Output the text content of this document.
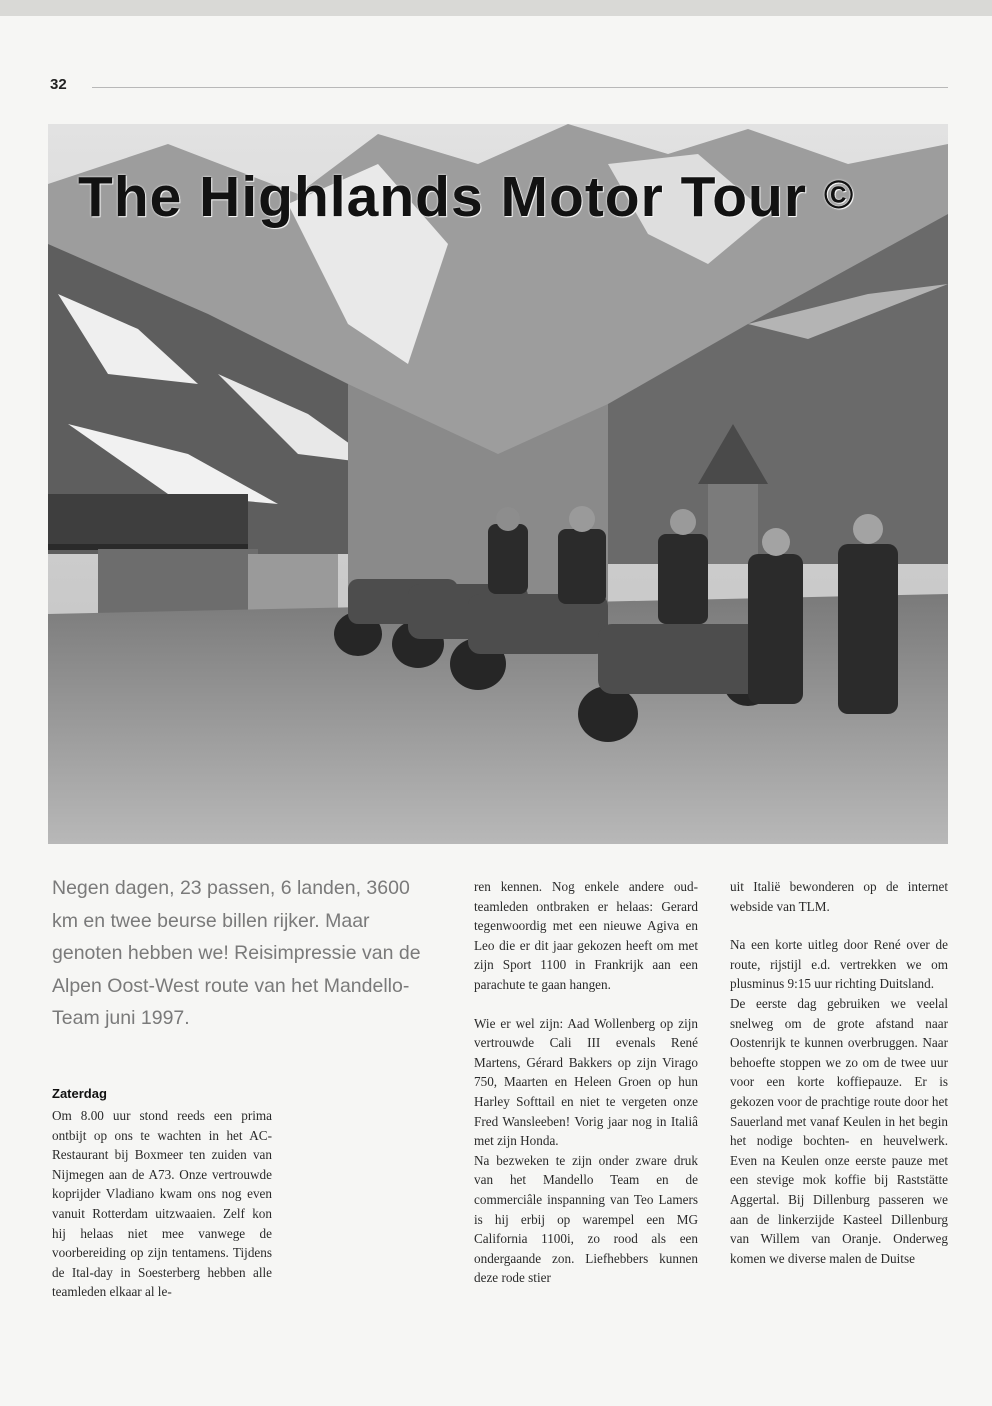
32
The Highlands Motor Tour ©

Negen dagen, 23 passen, 6 landen, 3600 km en twee beurse billen rijker. Maar genoten hebben we! Reisimpressie van de Alpen Oost-West route van het Mandello-Team juni 1997.

Zaterdag

Om 8.00 uur stond reeds een prima ontbijt op ons te wachten in het AC-Restaurant bij Boxmeer ten zuiden van Nijmegen aan de A73. Onze vertrouwde koprijder Vladiano kwam ons nog even vanuit Rotterdam uitzwaaien. Zelf kon hij helaas niet mee vanwege de voorbereiding op zijn tentamens. Tijdens de Ital-day in Soesterberg hebben alle teamleden elkaar al le-

ren kennen. Nog enkele andere oud-teamleden ontbraken er helaas: Gerard tegenwoordig met een nieuwe Agiva en Leo die er dit jaar gekozen heeft om met zijn Sport 1100 in Frankrijk aan een parachute te gaan hangen.

Wie er wel zijn: Aad Wollenberg op zijn vertrouwde Cali III evenals René Martens, Gérard Bakkers op zijn Virago 750, Maarten en Heleen Groen op hun Harley Softtail en niet te vergeten onze Fred Wansleeben! Vorig jaar nog in Italiâ met zijn Honda.

Na bezweken te zijn onder zware druk van het Mandello Team en de commerciâle inspanning van Teo Lamers is hij erbij op warempel een MG California 1100i, zo rood als een ondergaande zon. Liefhebbers kunnen deze rode stier

uit Italië bewonderen op de internet webside van TLM.

Na een korte uitleg door René over de route, rijstijl e.d. vertrekken we om plusminus 9:15 uur richting Duitsland.

De eerste dag gebruiken we veelal snelweg om de grote afstand naar Oostenrijk te kunnen overbruggen. Naar behoefte stoppen we zo om de twee uur voor een korte koffiepauze. Er is gekozen voor de prachtige route door het Sauerland met vanaf Keulen in het begin het nodige bochten- en heuvelwerk. Even na Keulen onze eerste pauze met een stevige mok koffie bij Raststätte Aggertal. Bij Dillenburg passeren we aan de linkerzijde Kasteel Dillenburg van Willem van Oranje. Onderweg komen we diverse malen de Duitse
